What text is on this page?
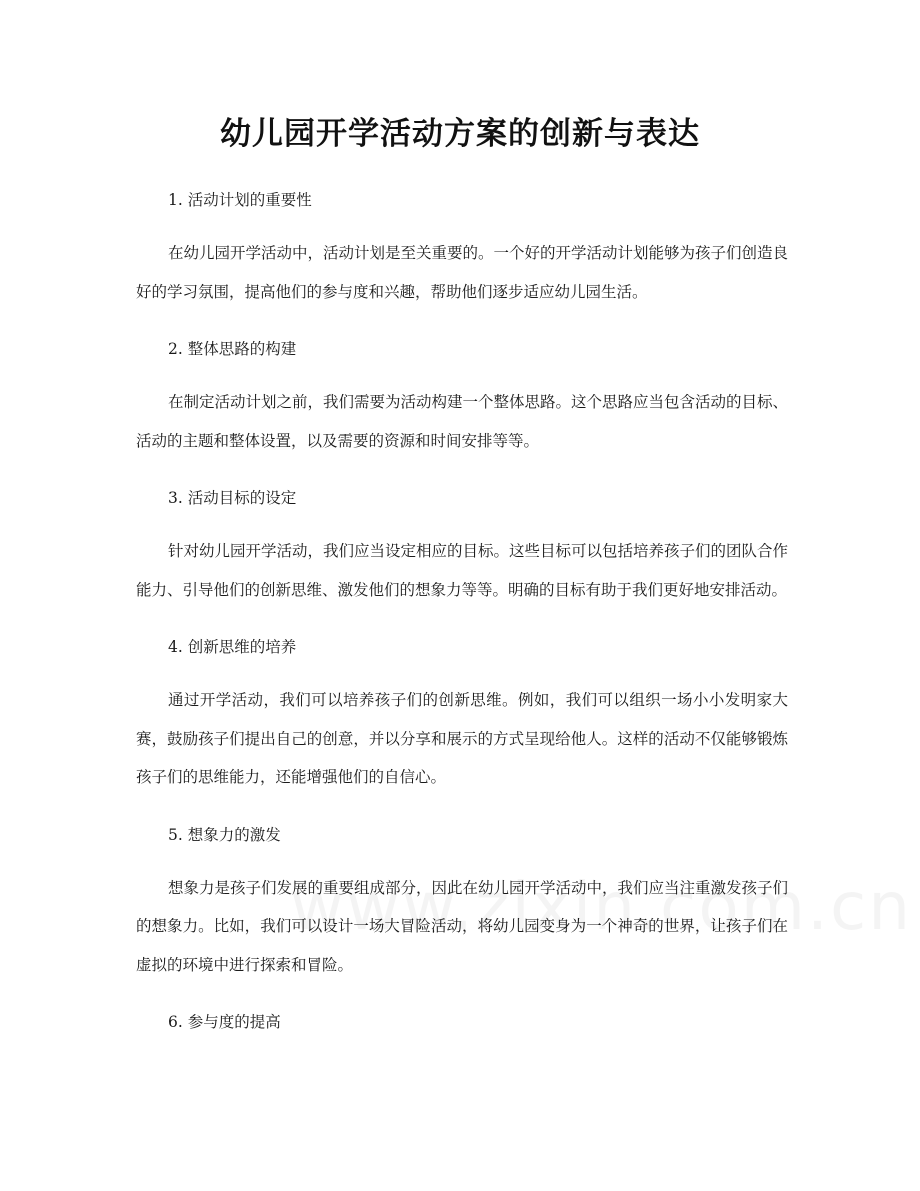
幼儿园开学活动方案的创新与表达

1. 活动计划的重要性

在幼儿园开学活动中，活动计划是至关重要的。一个好的开学活动计划能够为孩子们创造良好的学习氛围，提高他们的参与度和兴趣，帮助他们逐步适应幼儿园生活。

2. 整体思路的构建

在制定活动计划之前，我们需要为活动构建一个整体思路。这个思路应当包含活动的目标、活动的主题和整体设置，以及需要的资源和时间安排等等。

3. 活动目标的设定

针对幼儿园开学活动，我们应当设定相应的目标。这些目标可以包括培养孩子们的团队合作能力、引导他们的创新思维、激发他们的想象力等等。明确的目标有助于我们更好地安排活动。

4. 创新思维的培养

通过开学活动，我们可以培养孩子们的创新思维。例如，我们可以组织一场小小发明家大赛，鼓励孩子们提出自己的创意，并以分享和展示的方式呈现给他人。这样的活动不仅能够锻炼孩子们的思维能力，还能增强他们的自信心。

5. 想象力的激发

想象力是孩子们发展的重要组成部分，因此在幼儿园开学活动中，我们应当注重激发孩子们的想象力。比如，我们可以设计一场大冒险活动，将幼儿园变身为一个神奇的世界，让孩子们在虚拟的环境中进行探索和冒险。

6. 参与度的提高
